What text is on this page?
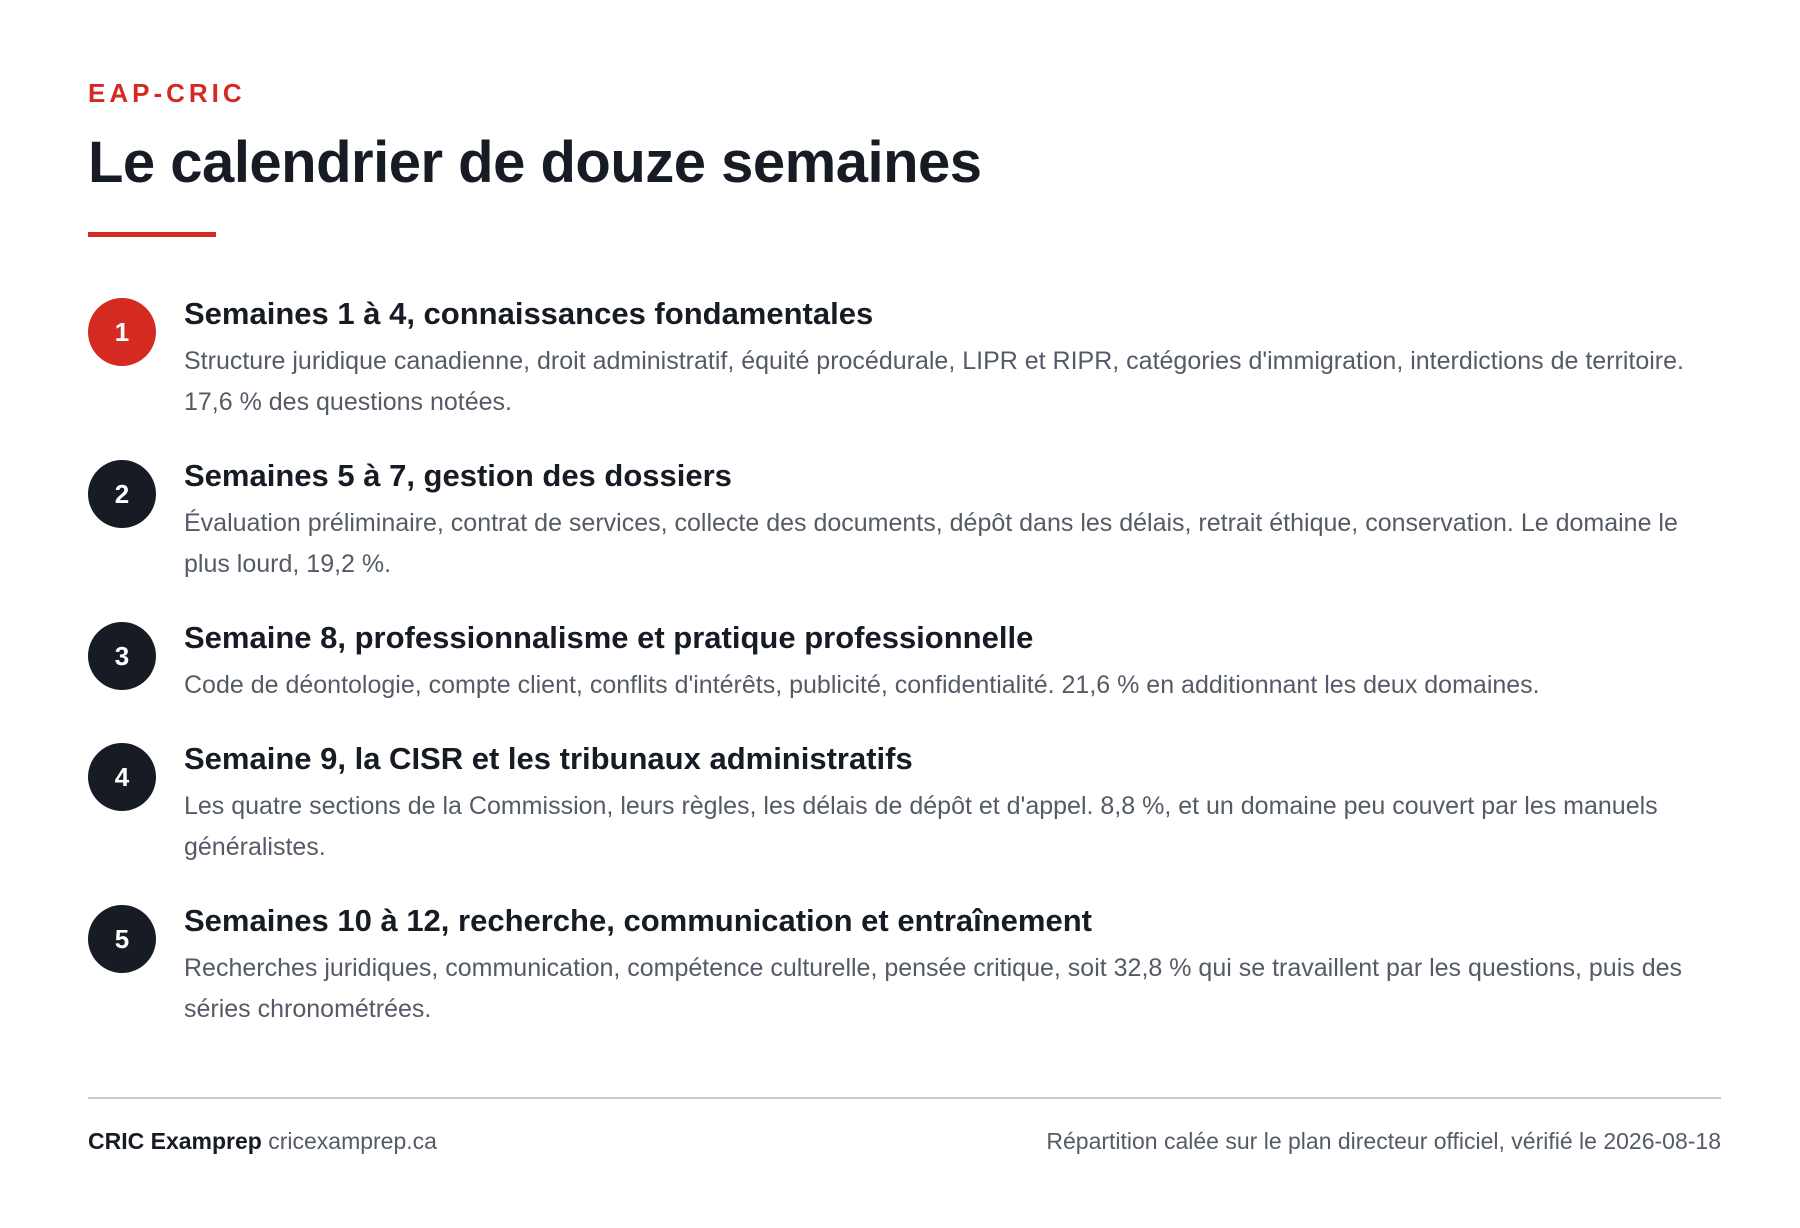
EAP-CRIC

Le calendrier de douze semaines
1
Semaines 1 à 4, connaissances fondamentales

Structure juridique canadienne, droit administratif, équité procédurale, LIPR et RIPR, catégories d'immigration, interdictions de territoire. 17,6 % des questions notées.

2
Semaines 5 à 7, gestion des dossiers

Évaluation préliminaire, contrat de services, collecte des documents, dépôt dans les délais, retrait éthique, conservation. Le domaine le plus lourd, 19,2 %.

3
Semaine 8, professionnalisme et pratique professionnelle

Code de déontologie, compte client, conflits d'intérêts, publicité, confidentialité. 21,6 % en additionnant les deux domaines.

4
Semaine 9, la CISR et les tribunaux administratifs

Les quatre sections de la Commission, leurs règles, les délais de dépôt et d'appel. 8,8 %, et un domaine peu couvert par les manuels généralistes.

5
Semaines 10 à 12, recherche, communication et entraînement

Recherches juridiques, communication, compétence culturelle, pensée critique, soit 32,8 % qui se travaillent par les questions, puis des séries chronométrées.

CRIC Examprep cricexamprep.ca	Répartition calée sur le plan directeur officiel, vérifié le 2026-08-18
